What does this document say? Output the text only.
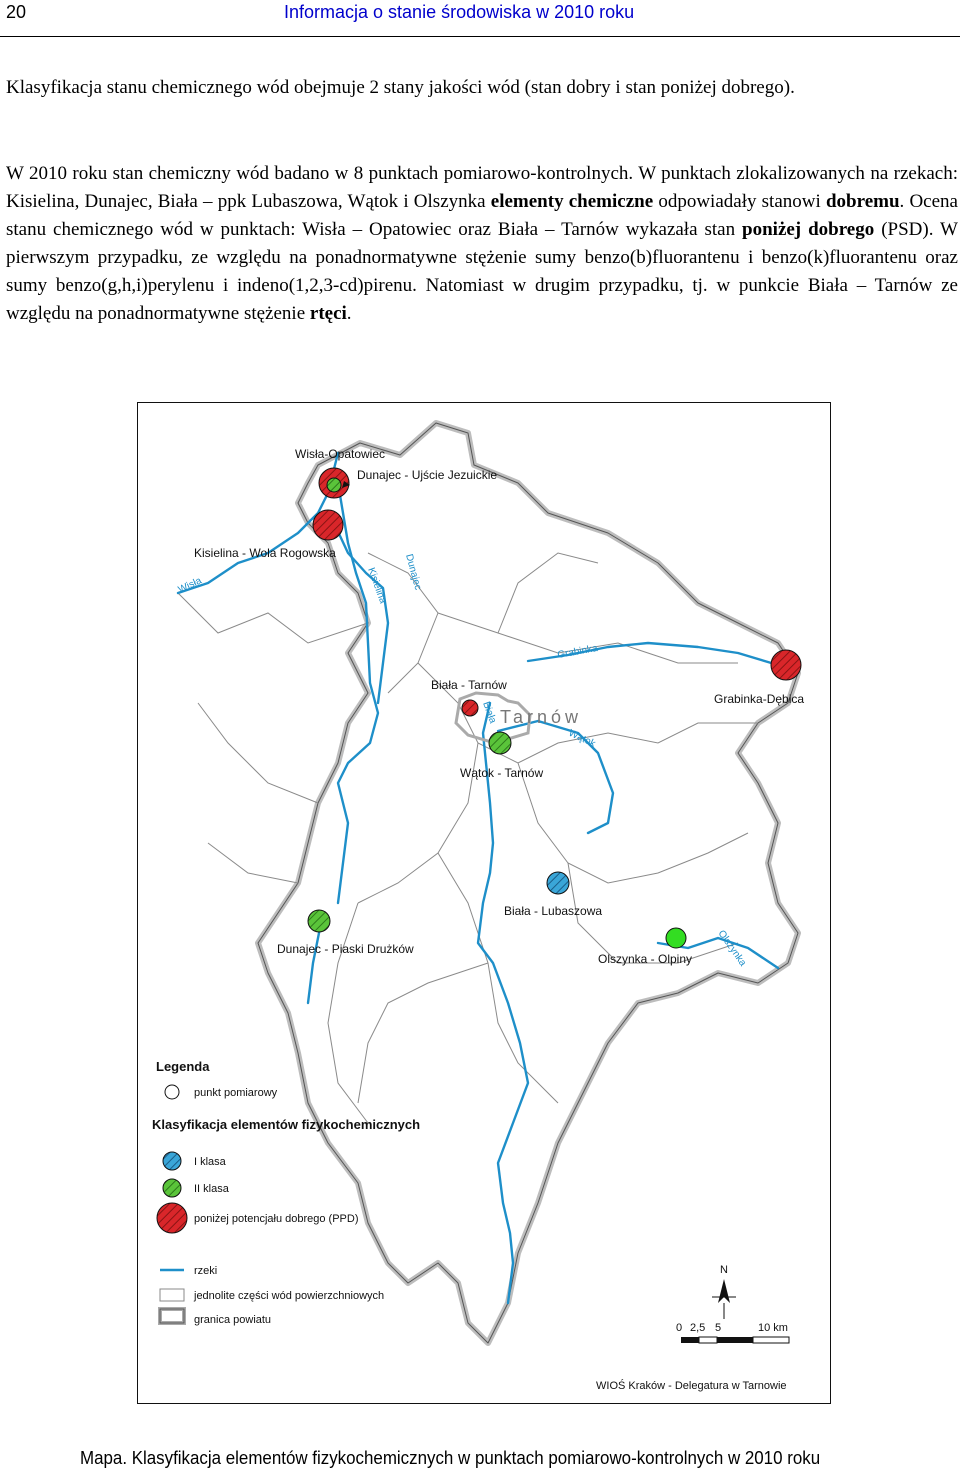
20	Informacja o stanie środowiska w 2010 roku
Klasyfikacja stanu chemicznego wód obejmuje 2 stany jakości wód (stan dobry i stan poniżej dobrego).
W 2010 roku stan chemiczny wód badano w 8 punktach pomiarowo-kontrolnych. W punktach zlokalizowanych na rzekach: Kisielina, Dunajec, Biała – ppk Lubaszowa, Wątok i Olszynka elementy chemiczne odpowiadały stanowi dobremu. Ocena stanu chemicznego wód w punktach: Wisła – Opatowiec oraz Biała – Tarnów wykazała stan poniżej dobrego (PSD). W pierwszym przypadku, ze względu na ponadnormatywne stężenie sumy benzo(b)fluorantenu i benzo(k)fluorantenu oraz sumy benzo(g,h,i)perylenu i indeno(1,2,3-cd)pirenu. Natomiast w drugim przypadku, tj. w punkcie Biała – Tarnów ze względu na ponadnormatywne stężenie rtęci.
Tarnów
Wisła	Dunajec
Kisielina
Grabinka
Biała
Wątok
Olszynka
Wisła-Opatowiec
Dunajec - Ujście Jezuickie
Kisielina - Wola Rogowska
Grabinka-Dębica
Biała - Tarnów
Wątok - Tarnów
Biała - Lubaszowa
Dunajec - Piaski Drużków
Olszynka - Olpiny
Legenda
punkt pomiarowy
Klasyfikacja elementów fizykochemicznych
I klasa
II klasa
poniżej potencjału dobrego (PPD)
rzeki
jednolite części wód powierzchniowych
granica powiatu
N
0 2,5 5	10 km
WIOŚ Kraków - Delegatura w Tarnowie
Mapa. Klasyfikacja elementów fizykochemicznych w punktach pomiarowo-kontrolnych w 2010 roku
